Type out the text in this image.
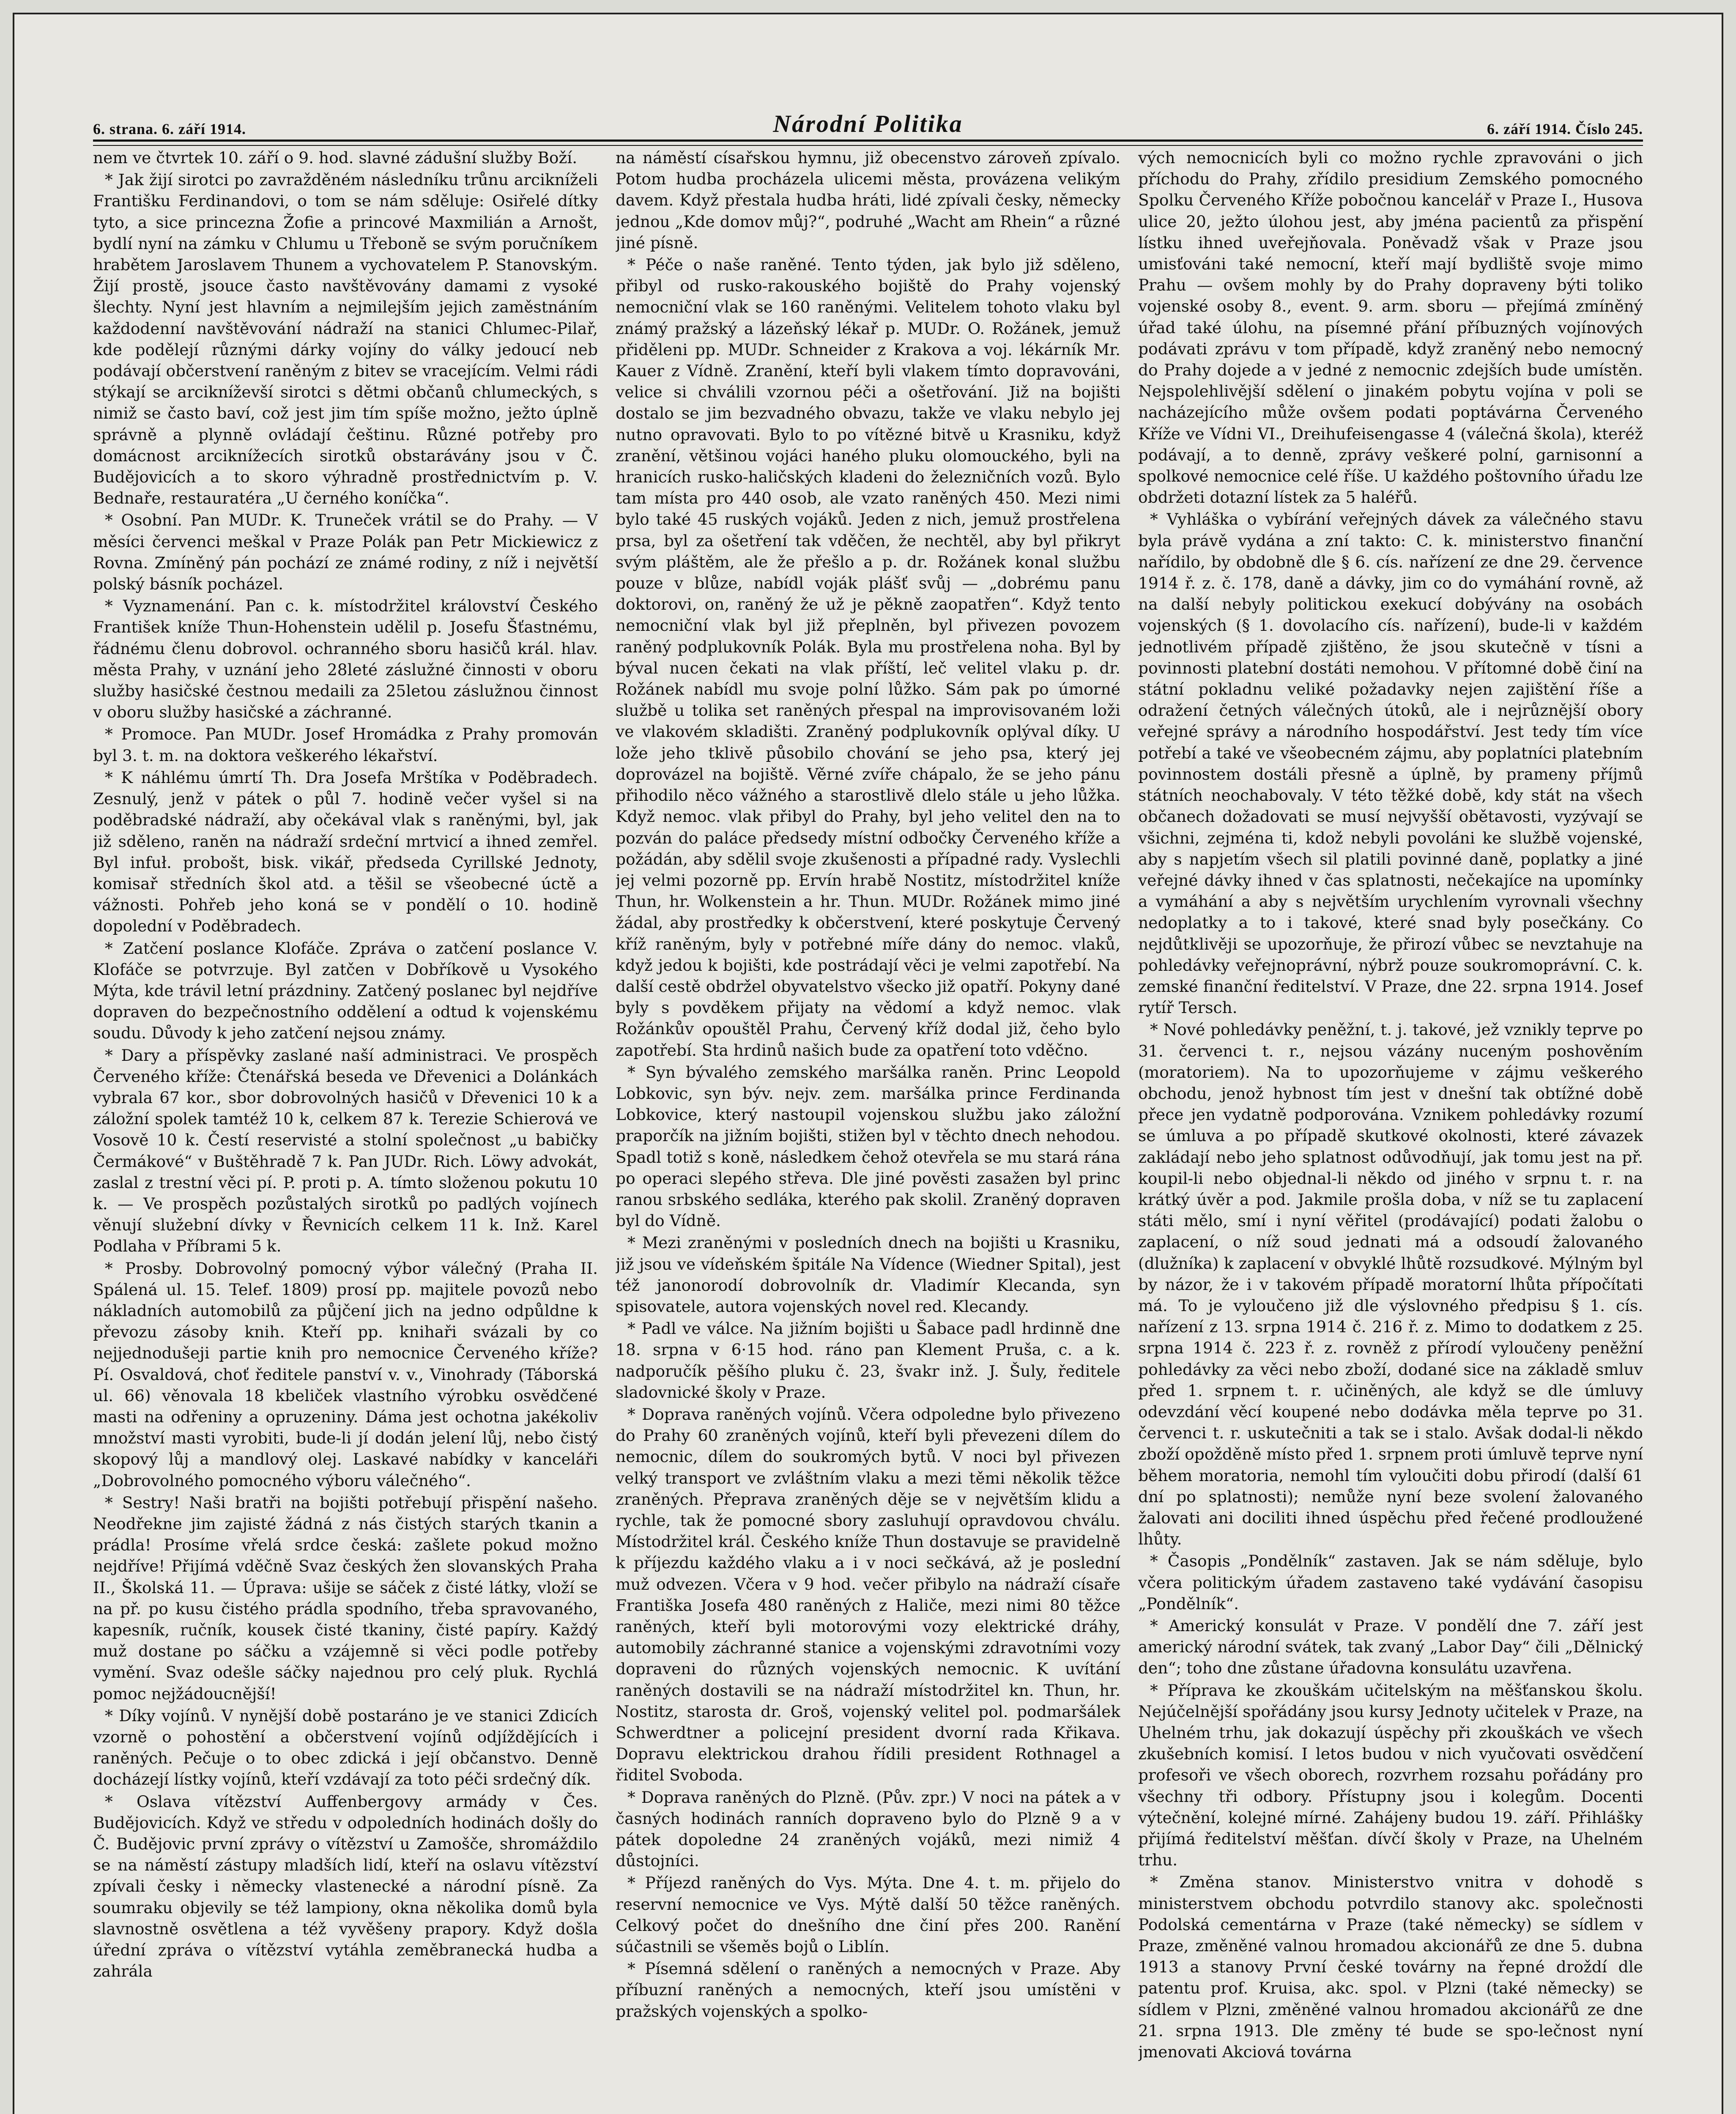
6. strana. 6. září 1914.	Národní Politika	6. září 1914. Číslo 245.

nem ve čtvrtek 10. září o 9. hod. slavné zádušní služby Boží.

* Jak žijí sirotci po zavražděném následníku trůnu arcikníželi Františku Ferdinandovi, o tom se nám sděluje: Osiřelé dítky tyto, a sice princezna Žofie a princové Maxmilián a Arnošt, bydlí nyní na zámku v Chlumu u Třeboně se svým poručníkem hrabětem Jaroslavem Thunem a vychovatelem P. Stanovským. Žijí prostě, jsouce často navštěvovány damami z vysoké šlechty. Nyní jest hlavním a nejmilejším jejich zaměstnáním každodenní navštěvování nádraží na stanici Chlumec-Pilař, kde podělejí různými dárky vojíny do války jedoucí neb podávají občerstvení raněným z bitev se vracejícím. Velmi rádi stýkají se arcikníževší sirotci s dětmi občanů chlumeckých, s nimiž se často baví, což jest jim tím spíše možno, ježto úplně správně a plynně ovládají češtinu. Různé potřeby pro domácnost arciknížecích sirotků obstarávány jsou v Č. Budějovicích a to skoro výhradně prostřednictvím p. V. Bednaře, restauratéra „U černého koníčka“.

* Osobní. Pan MUDr. K. Truneček vrátil se do Prahy. — V měsíci červenci meškal v Praze Polák pan Petr Mickiewicz z Rovna. Zmíněný pán pochází ze známé rodiny, z níž i největší polský básník pocházel.

* Vyznamenání. Pan c. k. místodržitel království Českého František kníže Thun-Hohenstein udělil p. Josefu Šťastnému, řádnému členu dobrovol. ochranného sboru hasičů král. hlav. města Prahy, v uznání jeho 28leté záslužné činnosti v oboru služby hasičské čestnou medaili za 25letou záslužnou činnost v oboru služby hasičské a záchranné.

* Promoce. Pan MUDr. Josef Hromádka z Prahy promován byl 3. t. m. na doktora veškerého lékařství.

* K náhlému úmrtí Th. Dra Josefa Mrštíka v Poděbradech. Zesnulý, jenž v pátek o půl 7. hodině večer vyšel si na poděbradské nádraží, aby očekával vlak s raněnými, byl, jak již sděleno, raněn na nádraží srdeční mrtvicí a ihned zemřel. Byl infuł. probošt, bisk. vikář, předseda Cyrillské Jednoty, komisař středních škol atd. a těšil se všeobecné úctě a vážnosti. Pohřeb jeho koná se v pondělí o 10. hodině dopolední v Poděbradech.

* Zatčení poslance Klofáče. Zpráva o zatčení poslance V. Klofáče se potvrzuje. Byl zatčen v Dobříkově u Vysokého Mýta, kde trávil letní prázdniny. Zatčený poslanec byl nejdříve dopraven do bezpečnostního oddělení a odtud k vojenskému soudu. Důvody k jeho zatčení nejsou známy.

* Dary a příspěvky zaslané naší administraci. Ve prospěch Červeného kříže: Čtenářská beseda ve Dřevenici a Dolánkách vybrala 67 kor., sbor dobrovolných hasičů v Dřevenici 10 k a záložní spolek tamtéž 10 k, celkem 87 k. Terezie Schierová ve Vosově 10 k. Čestí reservisté a stolní společnost „u babičky Čermákové“ v Buštěhradě 7 k. Pan JUDr. Rich. Löwy advokát, zaslal z trestní věci pí. P. proti p. A. tímto složenou pokutu 10 k. — Ve prospěch pozůstalých sirotků po padlých vojínech věnují služební dívky v Řevnicích celkem 11 k. Inž. Karel Podlaha v Příbrami 5 k.

* Prosby. Dobrovolný pomocný výbor válečný (Praha II. Spálená ul. 15. Telef. 1809) prosí pp. majitele povozů nebo nákladních automobilů za půjčení jich na jedno odpůldne k převozu zásoby knih. Kteří pp. knihaři svázali by co nejjednodušeji partie knih pro nemocnice Červeného kříže? Pí. Osvaldová, choť ředitele panství v. v., Vinohrady (Táborská ul. 66) věnovala 18 kbeliček vlastního výrobku osvědčené masti na odřeniny a opruzeniny. Dáma jest ochotna jakékoliv množství masti vyrobiti, bude-li jí dodán jelení lůj, nebo čistý skopový lůj a mandlový olej. Laskavé nabídky v kanceláři „Dobrovolného pomocného výboru válečného“.

* Sestry! Naši bratři na bojišti potřebují přispění našeho. Neodřekne jim zajisté žádná z nás čistých starých tkanin a prádla! Prosíme vřelá srdce česká: zašlete pokud možno nejdříve! Přijímá vděčně Svaz českých žen slovanských Praha II., Školská 11. — Úprava: ušije se sáček z čisté látky, vloží se na př. po kusu čistého prádla spodního, třeba spravovaného, kapesník, ručník, kousek čisté tkaniny, čisté papíry. Každý muž dostane po sáčku a vzájemně si věci podle potřeby vymění. Svaz odešle sáčky najednou pro celý pluk. Rychlá pomoc nejžádoucnější!

* Díky vojínů. V nynější době postaráno je ve stanici Zdicích vzorně o pohostění a občerstvení vojínů odjíždějících i raněných. Pečuje o to obec zdická i její občanstvo. Denně docházejí lístky vojínů, kteří vzdávají za toto péči srdečný dík.

* Oslava vítězství Auffenbergovy armády v Čes. Budějovicích. Když ve středu v odpoledních hodinách došly do Č. Budějovic první zprávy o vítězství u Zamošče, shromáždilo se na náměstí zástupy mladších lidí, kteří na oslavu vítězství zpívali česky i německy vlastenecké a národní písně. Za soumraku objevily se též lampiony, okna několika domů byla slavnostně osvětlena a též vyvěšeny prapory. Když došla úřední zpráva o vítězství vytáhla zeměbranecká hudba a zahrála

na náměstí císařskou hymnu, již obecenstvo zároveň zpívalo. Potom hudba procházela ulicemi města, provázena velikým davem. Když přestala hudba hráti, lidé zpívali česky, německy jednou „Kde domov můj?“, podruhé „Wacht am Rhein“ a různé jiné písně.

* Péče o naše raněné. Tento týden, jak bylo již sděleno, přibyl od rusko-rakouského bojiště do Prahy vojenský nemocniční vlak se 160 raněnými. Velitelem tohoto vlaku byl známý pražský a lázeňský lékař p. MUDr. O. Rožánek, jemuž přiděleni pp. MUDr. Schneider z Krakova a voj. lékárník Mr. Kauer z Vídně. Zranění, kteří byli vlakem tímto dopravováni, velice si chválili vzornou péči a ošetřování. Již na bojišti dostalo se jim bezvadného obvazu, takže ve vlaku nebylo jej nutno opravovati. Bylo to po vítězné bitvě u Krasniku, když zranění, většinou vojáci haného pluku olomouckého, byli na hranicích rusko-haličských kladeni do železničních vozů. Bylo tam místa pro 440 osob, ale vzato raněných 450. Mezi nimi bylo také 45 ruských vojáků. Jeden z nich, jemuž prostřelena prsa, byl za ošetření tak vděčen, že nechtěl, aby byl přikryt svým pláštěm, ale že přešlo a p. dr. Rožánek konal službu pouze v blůze, nabídl voják plášť svůj — „dobrému panu doktorovi, on, raněný že už je pěkně zaopatřen“. Když tento nemocniční vlak byl již přeplněn, byl přivezen povozem raněný podplukovník Polák. Byla mu prostřelena noha. Byl by býval nucen čekati na vlak příští, leč velitel vlaku p. dr. Rožánek nabídl mu svoje polní lůžko. Sám pak po úmorné službě u tolika set raněných přespal na improvisovaném loži ve vlakovém skladišti. Zraněný podplukovník oplýval díky. U lože jeho tklivě působilo chování se jeho psa, který jej doprovázel na bojiště. Věrné zvíře chápalo, že se jeho pánu přihodilo něco vážného a starostlivě dlelo stále u jeho lůžka. Když nemoc. vlak přibyl do Prahy, byl jeho velitel den na to pozván do paláce předsedy místní odbočky Červeného kříže a požádán, aby sdělil svoje zkušenosti a případné rady. Vyslechli jej velmi pozorně pp. Ervín hrabě Nostitz, místodržitel kníže Thun, hr. Wolkenstein a hr. Thun. MUDr. Rožánek mimo jiné žádal, aby prostředky k občerstvení, které poskytuje Červený kříž raněným, byly v potřebné míře dány do nemoc. vlaků, když jedou k bojišti, kde postrádají věci je velmi zapotřebí. Na další cestě obdržel obyvatelstvo všecko již opatří. Pokyny dané byly s povděkem přijaty na vědomí a když nemoc. vlak Rožánkův opouštěl Prahu, Červený kříž dodal již, čeho bylo zapotřebí. Sta hrdinů našich bude za opatření toto vděčno.

* Syn bývalého zemského maršálka raněn. Princ Leopold Lobkovic, syn býv. nejv. zem. maršálka prince Ferdinanda Lobkovice, který nastoupil vojenskou službu jako záložní praporčík na jižním bojišti, stižen byl v těchto dnech nehodou. Spadl totiž s koně, následkem čehož otevřela se mu stará rána po operaci slepého střeva. Dle jiné pověsti zasažen byl princ ranou srbského sedláka, kterého pak skolil. Zraněný dopraven byl do Vídně.

* Mezi zraněnými v posledních dnech na bojišti u Krasniku, již jsou ve vídeňském špitále Na Vídence (Wiedner Spital), jest též janonorodí dobrovolník dr. Vladimír Klecanda, syn spisovatele, autora vojenských novel red. Klecandy.

* Padl ve válce. Na jižním bojišti u Šabace padl hrdinně dne 18. srpna v 6·15 hod. ráno pan Klement Pruša, c. a k. nadporučík pěšího pluku č. 23, švakr inž. J. Šuly, ředitele sladovnické školy v Praze.

* Doprava raněných vojínů. Včera odpoledne bylo přivezeno do Prahy 60 zraněných vojínů, kteří byli převezeni dílem do nemocnic, dílem do soukromých bytů. V noci byl přivezen velký transport ve zvláštním vlaku a mezi těmi několik těžce zraněných. Přeprava zraněných děje se v největším klidu a rychle, tak že pomocné sbory zasluhují opravdovou chválu. Místodržitel král. Českého kníže Thun dostavuje se pravidelně k příjezdu každého vlaku a i v noci sečkává, až je poslední muž odvezen. Včera v 9 hod. večer přibylo na nádraží císaře Františka Josefa 480 raněných z Haliče, mezi nimi 80 těžce raněných, kteří byli motorovými vozy elektrické dráhy, automobily záchranné stanice a vojenskými zdravotními vozy dopraveni do různých vojenských nemocnic. K uvítání raněných dostavili se na nádraží místodržitel kn. Thun, hr. Nostitz, starosta dr. Groš, vojenský velitel pol. podmaršálek Schwerdtner a policejní president dvorní rada Křikava. Dopravu elektrickou drahou řídili president Rothnagel a řiditel Svoboda.

* Doprava raněných do Plzně. (Pův. zpr.) V noci na pátek a v časných hodinách ranních dopraveno bylo do Plzně 9 a v pátek dopoledne 24 zraněných vojáků, mezi nimiž 4 důstojníci.

* Příjezd raněných do Vys. Mýta. Dne 4. t. m. přijelo do reservní nemocnice ve Vys. Mýtě další 50 těžce raněných. Celkový počet do dnešního dne činí přes 200. Ranění súčastnili se všeměs bojů o Liblín.

* Písemná sdělení o raněných a nemocných v Praze. Aby příbuzní raněných a nemocných, kteří jsou umístěni v pražských vojenských a spolko-

vých nemocnicích byli co možno rychle zpravováni o jich příchodu do Prahy, zřídilo presidium Zemského pomocného Spolku Červeného Kříže pobočnou kancelář v Praze I., Husova ulice 20, ježto úlohou jest, aby jména pacientů za přispění lístku ihned uveřejňovala. Poněvadž však v Praze jsou umisťováni také nemocní, kteří mají bydliště svoje mimo Prahu — ovšem mohly by do Prahy dopraveny býti toliko vojenské osoby 8., event. 9. arm. sboru — přejímá zmíněný úřad také úlohu, na písemné přání příbuzných vojínových podávati zprávu v tom případě, když zraněný nebo nemocný do Prahy dojede a v jedné z nemocnic zdejších bude umístěn. Nejspolehlivější sdělení o jinakém pobytu vojína v poli se nacházejícího může ovšem podati poptávárna Červeného Kříže ve Vídni VI., Dreihufeisengasse 4 (válečná škola), kteréž podávají, a to denně, zprávy veškeré polní, garnisonní a spolkové nemocnice celé říše. U každého poštovního úřadu lze obdržeti dotazní lístek za 5 haléřů.

* Vyhláška o vybírání veřejných dávek za válečného stavu byla právě vydána a zní takto: C. k. ministerstvo finanční nařídilo, by obdobně dle § 6. cís. nařízení ze dne 29. července 1914 ř. z. č. 178, daně a dávky, jim co do vymáhání rovně, až na další nebyly politickou exekucí dobývány na osobách vojenských (§ 1. dovolacího cís. nařízení), bude-li v každém jednotlivém případě zjištěno, že jsou skutečně v tísni a povinnosti platební dostáti nemohou. V přítomné době činí na státní pokladnu veliké požadavky nejen zajištění říše a odražení četných válečných útoků, ale i nejrůznější obory veřejné správy a národního hospodářství. Jest tedy tím více potřebí a také ve všeobecném zájmu, aby poplatníci platebním povinnostem dostáli přesně a úplně, by prameny příjmů státních neochabovaly. V této těžké době, kdy stát na všech občanech dožadovati se musí nejvyšší obětavosti, vyzývají se všichni, zejména ti, kdož nebyli povoláni ke službě vojenské, aby s napjetím všech sil platili povinné daně, poplatky a jiné veřejné dávky ihned v čas splatnosti, nečekajíce na upomínky a vymáhání a aby s největším urychlením vyrovnali všechny nedoplatky a to i takové, které snad byly posečkány. Co nejdůtklivěji se upozorňuje, že přirozí vůbec se nevztahuje na pohledávky veřejnoprávní, nýbrž pouze soukromoprávní. C. k. zemské finanční ředitelství. V Praze, dne 22. srpna 1914. Josef rytíř Tersch.

* Nové pohledávky peněžní, t. j. takové, jež vznikly teprve po 31. červenci t. r., nejsou vázány nuceným poshověním (moratoriem). Na to upozorňujeme v zájmu veškerého obchodu, jenož hybnost tím jest v dnešní tak obtížné době přece jen vydatně podporována. Vznikem pohledávky rozumí se úmluva a po případě skutkové okolnosti, které závazek zakládají nebo jeho splatnost odůvodňují, jak tomu jest na př. koupil-li nebo objednal-li někdo od jiného v srpnu t. r. na krátký úvěr a pod. Jakmile prošla doba, v níž se tu zaplacení státi mělo, smí i nyní věřitel (prodávající) podati žalobu o zaplacení, o níž soud jednati má a odsoudí žalovaného (dlužníka) k zaplacení v obvyklé lhůtě rozsudkové. Mýlným byl by názor, že i v takovém případě moratorní lhůta přípočítati má. To je vyloučeno již dle výslovného předpisu § 1. cís. nařízení z 13. srpna 1914 č. 216 ř. z. Mimo to dodatkem z 25. srpna 1914 č. 223 ř. z. rovněž z přírodí vyloučeny peněžní pohledávky za věci nebo zboží, dodané sice na základě smluv před 1. srpnem t. r. učiněných, ale když se dle úmluvy odevzdání věcí koupené nebo dodávka měla teprve po 31. červenci t. r. uskutečniti a tak se i stalo. Avšak dodal-li někdo zboží opožděně místo před 1. srpnem proti úmluvě teprve nyní během moratoria, nemohl tím vyloučiti dobu přirodí (další 61 dní po splatnosti); nemůže nyní beze svolení žalovaného žalovati ani dociliti ihned úspěchu před řečené prodloužené lhůty.

* Časopis „Pondělník“ zastaven. Jak se nám sděluje, bylo včera politickým úřadem zastaveno také vydávání časopisu „Pondělník“.

* Americký konsulát v Praze. V pondělí dne 7. září jest americký národní svátek, tak zvaný „Labor Day“ čili „Dělnický den“; toho dne zůstane úřadovna konsulátu uzavřena.

* Příprava ke zkouškám učitelským na měšťanskou školu. Nejúčelnější spořádány jsou kursy Jednoty učitelek v Praze, na Uhelném trhu, jak dokazují úspěchy při zkouškách ve všech zkušebních komisí. I letos budou v nich vyučovati osvědčení profesoři ve všech oborech, rozvrhem rozsahu pořádány pro všechny tři odbory. Přístupny jsou i kolegům. Docenti výtečnění, kolejné mírné. Zahájeny budou 19. září. Přihlášky přijímá ředitelství měšťan. dívčí školy v Praze, na Uhelném trhu.

* Změna stanov. Ministerstvo vnitra v dohodě s ministerstvem obchodu potvrdilo stanovy akc. společnosti Podolská cementárna v Praze (také německy) se sídlem v Praze, změněné valnou hromadou akcionářů ze dne 5. dubna 1913 a stanovy První české továrny na řepné droždí dle patentu prof. Kruisa, akc. spol. v Plzni (také německy) se sídlem v Plzni, změněné valnou hromadou akcionářů ze dne 21. srpna 1913. Dle změny té bude se spo-lečnost nyní jmenovati Akciová továrna
